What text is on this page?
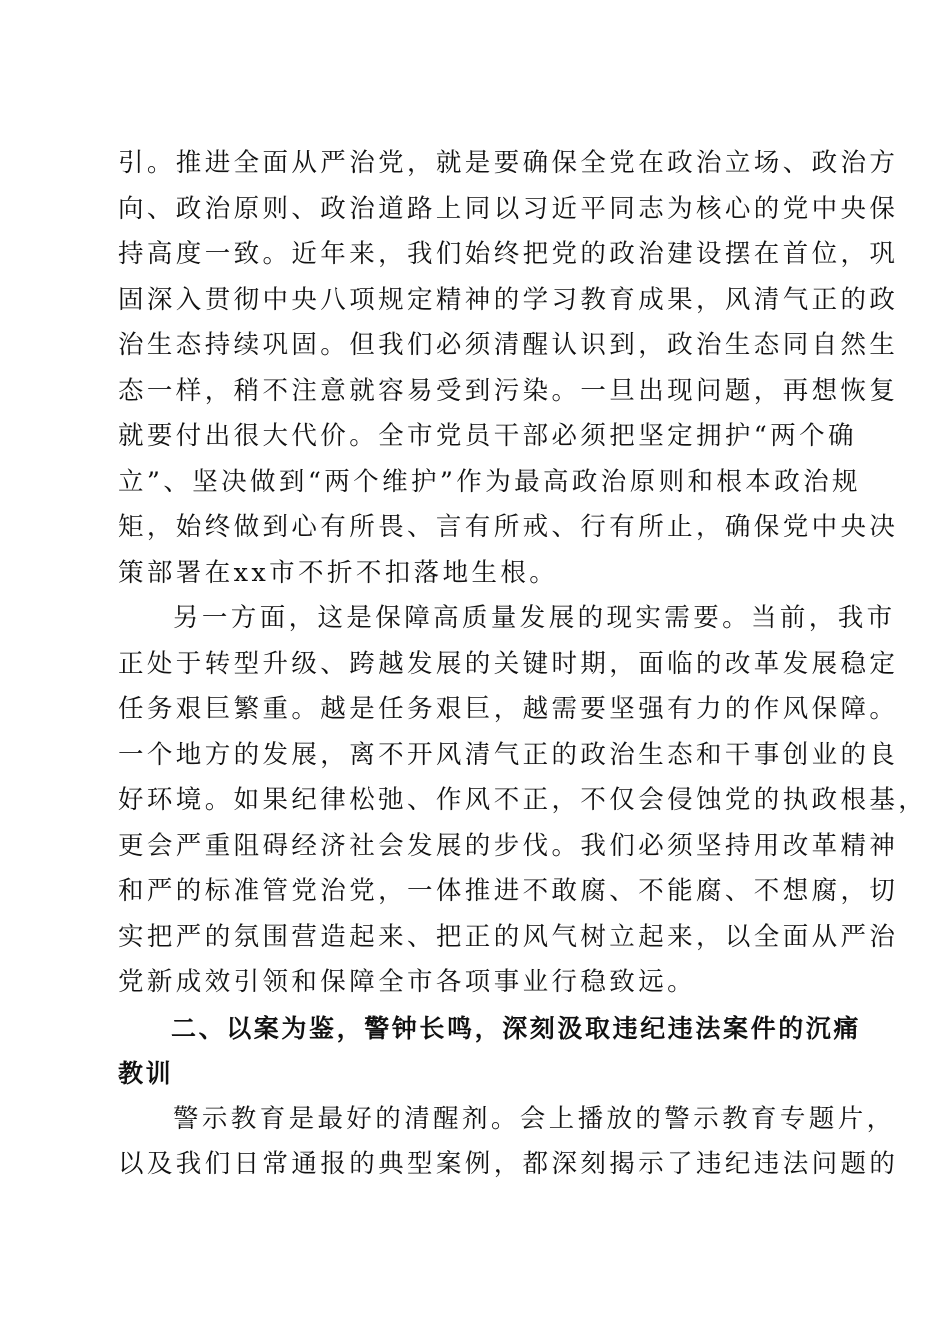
引。推进全面从严治党，就是要确保全党在政治立场、政治方
向、政治原则、政治道路上同以习近平同志为核心的党中央保
持高度一致。近年来，我们始终把党的政治建设摆在首位，巩
固深入贯彻中央八项规定精神的学习教育成果，风清气正的政
治生态持续巩固。但我们必须清醒认识到，政治生态同自然生
态一样，稍不注意就容易受到污染。一旦出现问题，再想恢复
就要付出很大代价。全市党员干部必须把坚定拥护“两个确
立”、坚决做到“两个维护”作为最高政治原则和根本政治规
矩，始终做到心有所畏、言有所戒、行有所止，确保党中央决
策部署在xx市不折不扣落地生根。
另一方面，这是保障高质量发展的现实需要。当前，我市
正处于转型升级、跨越发展的关键时期，面临的改革发展稳定
任务艰巨繁重。越是任务艰巨，越需要坚强有力的作风保障。
一个地方的发展，离不开风清气正的政治生态和干事创业的良
好环境。如果纪律松弛、作风不正，不仅会侵蚀党的执政根基，
更会严重阻碍经济社会发展的步伐。我们必须坚持用改革精神
和严的标准管党治党，一体推进不敢腐、不能腐、不想腐，切
实把严的氛围营造起来、把正的风气树立起来，以全面从严治
党新成效引领和保障全市各项事业行稳致远。
二、以案为鉴，警钟长鸣，深刻汲取违纪违法案件的沉痛
教训
警示教育是最好的清醒剂。会上播放的警示教育专题片，
以及我们日常通报的典型案例，都深刻揭示了违纪违法问题的
